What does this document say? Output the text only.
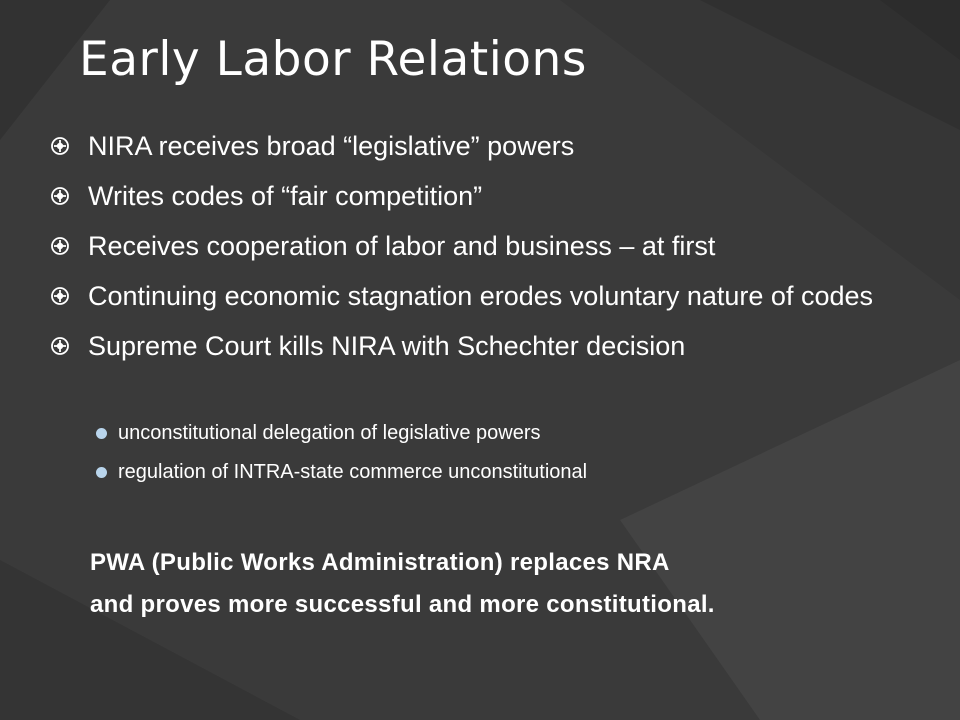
Early Labor Relations
NIRA receives broad “legislative” powers
Writes codes of “fair competition”
Receives cooperation of labor and business – at first
Continuing economic stagnation erodes voluntary nature of codes
Supreme Court kills NIRA with Schechter decision
unconstitutional delegation of legislative powers
regulation of INTRA-state commerce unconstitutional
PWA (Public Works Administration) replaces NRA
and proves more successful and more constitutional.
